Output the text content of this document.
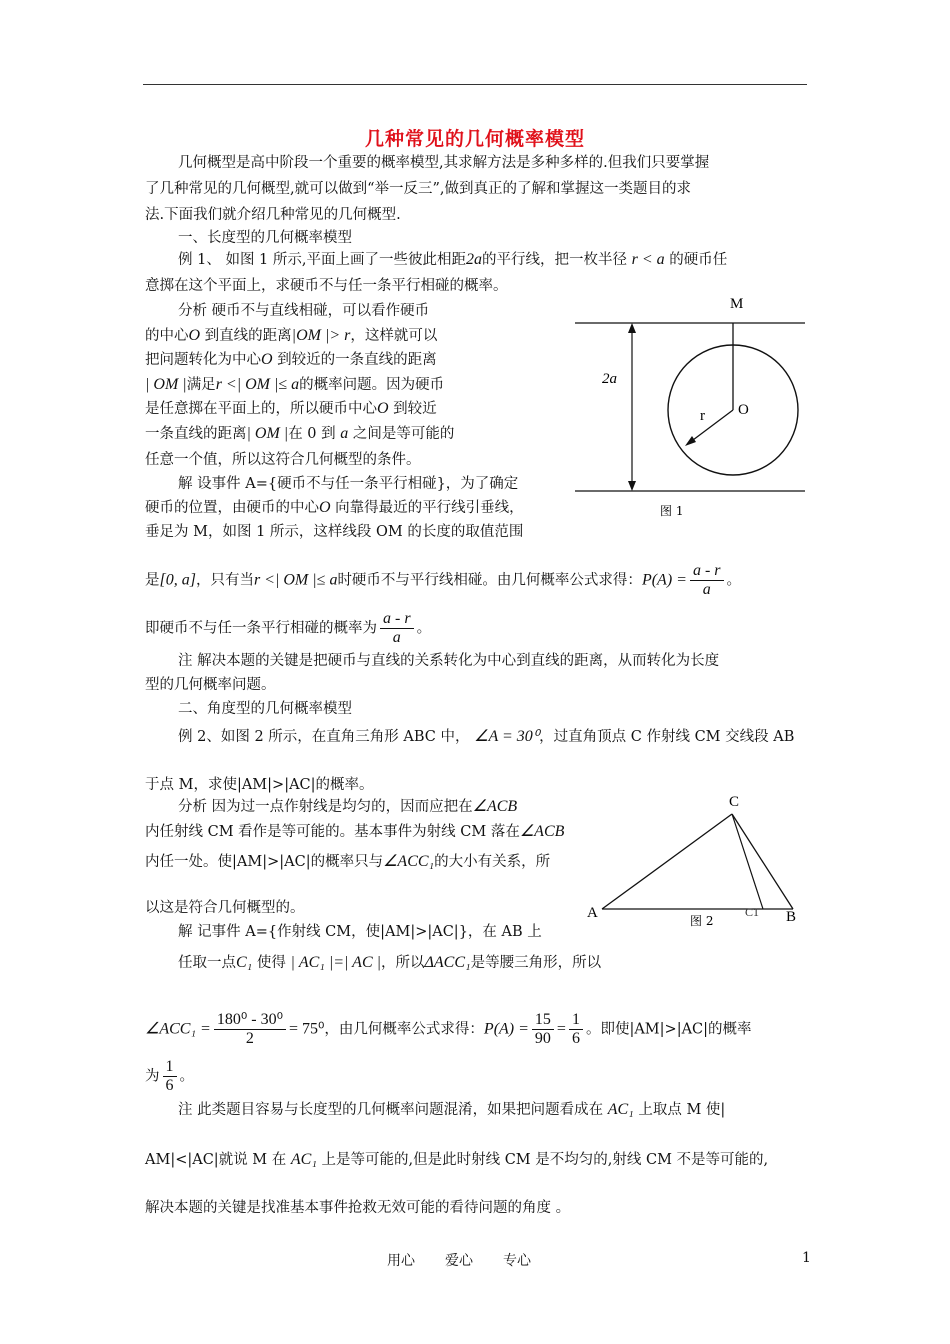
几种常见的几何概率模型
几何概型是高中阶段一个重要的概率模型,其求解方法是多种多样的.但我们只要掌握
了几种常见的几何概型,就可以做到“举一反三”,做到真正的了解和掌握这一类题目的求
法.下面我们就介绍几种常见的几何概型.
一、长度型的几何概率模型
例 1、 如图 1 所示,平面上画了一些彼此相距2a的平行线，把一枚半径 r < a 的硬币任
意掷在这个平面上，求硬币不与任一条平行相碰的概率。
分析 硬币不与直线相碰，可以看作硬币
的中心O 到直线的距离|OM |> r，这样就可以
把问题转化为中心O 到较近的一条直线的距离
| OM |满足r <| OM |≤ a的概率问题。因为硬币
是任意掷在平面上的，所以硬币中心O 到较近
一条直线的距离| OM |在 0 到 a 之间是等可能的
任意一个值，所以这符合几何概型的条件。
解 设事件 A={硬币不与任一条平行相碰}，为了确定
硬币的位置，由硬币的中心O 向靠得最近的平行线引垂线，
垂足为 M，如图 1 所示，这样线段 OM 的长度的取值范围
是[0, a]，只有当r <| OM |≤ a时硬币不与平行线相碰。由几何概率公式求得：$P(A) = \frac{a - r}{a}$ 。
即硬币不与任一条平行相碰的概率为 $\frac{a - r}{a}$ 。
注 解决本题的关键是把硬币与直线的关系转化为中心到直线的距离，从而转化为长度
型的几何概率问题。
M
2a
r O
图 1
二、角度型的几何概率模型
例 2、如图 2 所示，在直角三角形 ABC 中， ∠A = 30⁰，过直角顶点 C 作射线 CM 交线段 AB
于点 M，求使|AM|>|AC|的概率。
分析 因为过一点作射线是均匀的，因而应把在∠ACB
内任射线 CM 看作是等可能的。基本事件为射线 CM 落在∠ACB
内任一处。使|AM|>|AC|的概率只与∠ACC₁的大小有关系，所
以这是符合几何概型的。
解 记事件 A={作射线 CM，使|AM|>|AC|}，在 AB 上
任取一点C₁ 使得 | AC₁ |=| AC |，所以ΔACC₁是等腰三角形，所以
∠ACC₁ = $\frac{\text{180⁰ - 30⁰}}{2} = 75^0$，由几何概率公式求得：$P(A) = \frac{15}{90} = \frac{1}{6}$ 。即使|AM|>|AC|的概率
为 $\frac{1}{6}$ 。
注 此类题目容易与长度型的几何概率问题混淆，如果把问题看成在 AC₁ 上取点 M 使|
AM|<|AC|就说 M 在 AC₁ 上是等可能的,但是此时射线 CM 是不均匀的,射线 CM 不是等可能的,
解决本题的关键是找准基本事件抢救无效可能的看待问题的角度 。
C
A	B
C1
图 2
用心 爱心 专心	1
